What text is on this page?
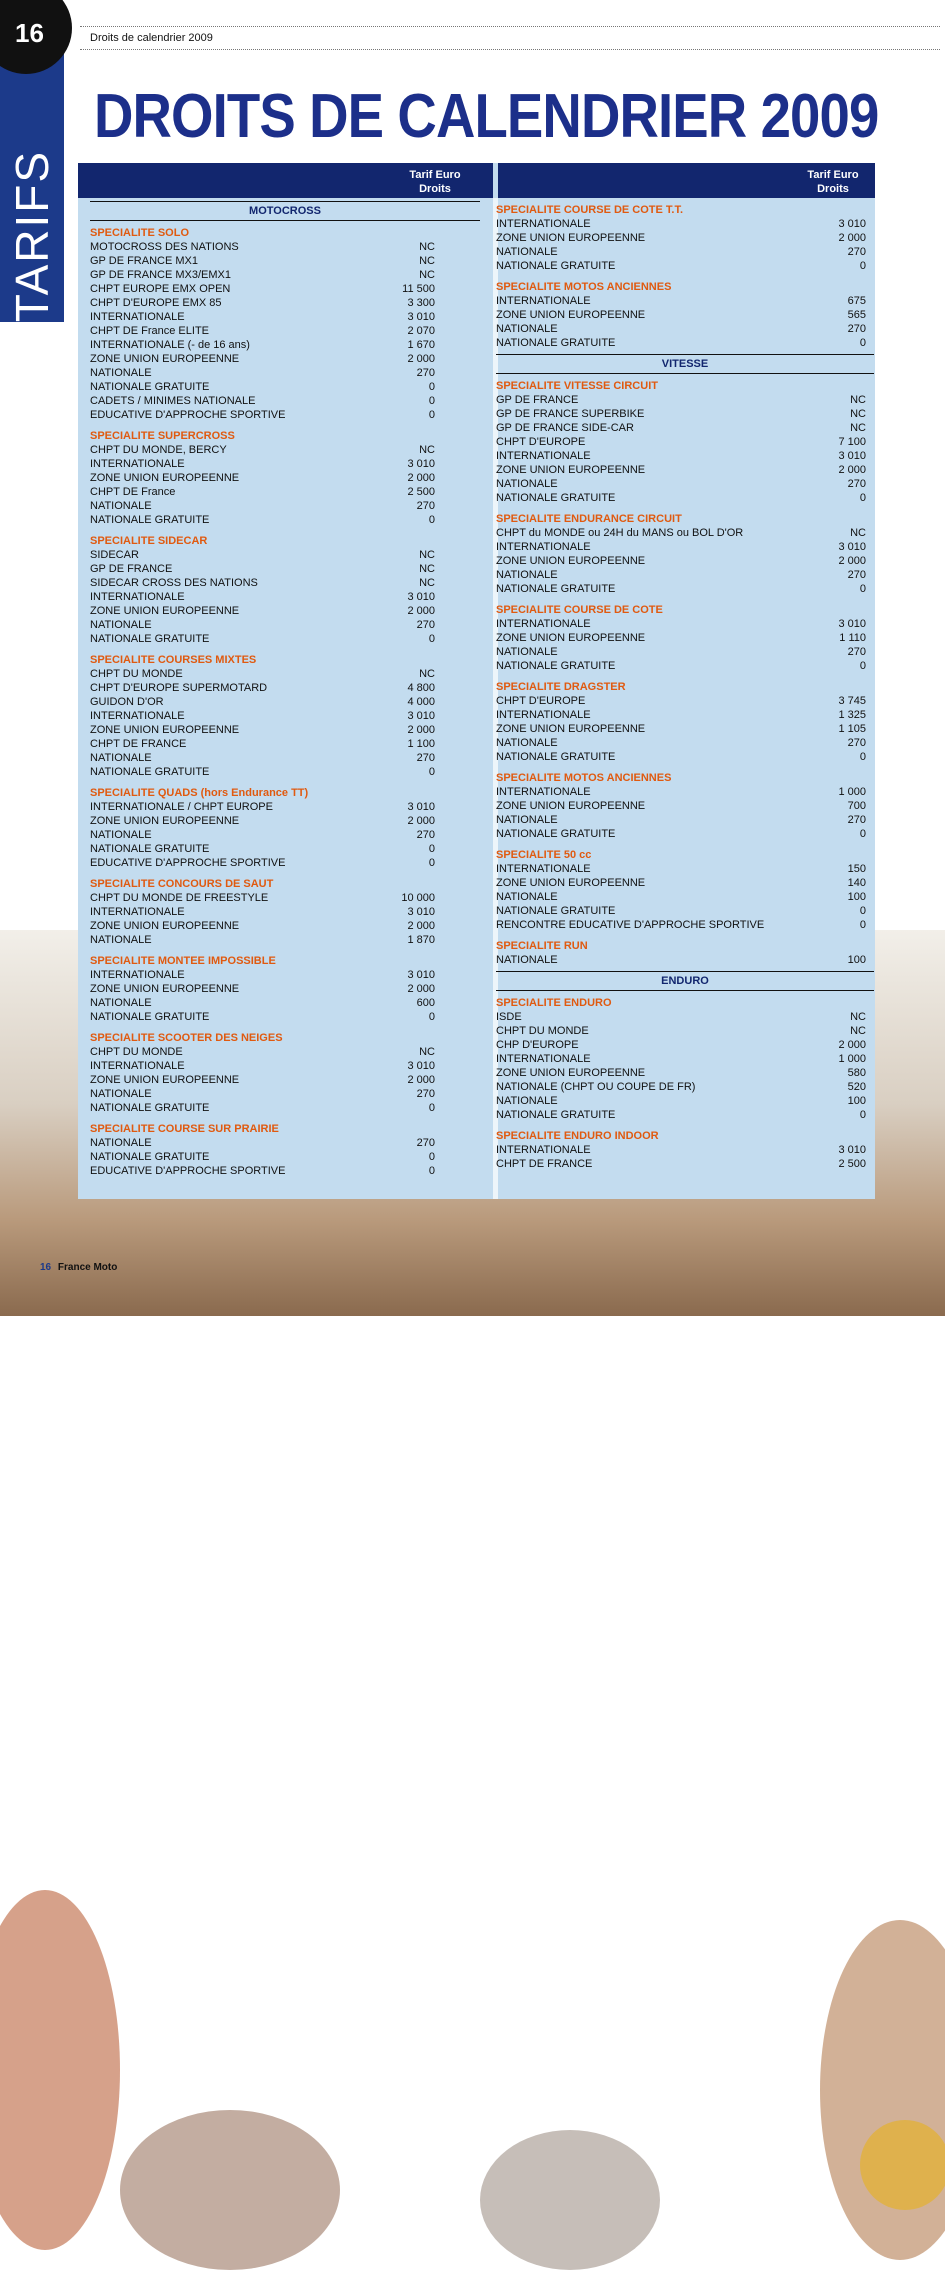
16
TARIFS
Droits de calendrier 2009
DROITS DE CALENDRIER 2009
Tarif Euro
Droits
Tarif Euro
Droits
MOTOCROSS
SPECIALITE SOLO
MOTOCROSS DES NATIONS	NC
GP DE FRANCE MX1	NC
GP DE FRANCE MX3/EMX1	NC
CHPT EUROPE EMX OPEN	11 500
CHPT D'EUROPE EMX 85	3 300
INTERNATIONALE	3 010
CHPT DE France ELITE	2 070
INTERNATIONALE (- de 16 ans)	1 670
ZONE UNION EUROPEENNE	2 000
NATIONALE	270
NATIONALE GRATUITE	0
CADETS / MINIMES NATIONALE	0
EDUCATIVE D'APPROCHE SPORTIVE	0
SPECIALITE SUPERCROSS
CHPT DU MONDE, BERCY	NC
INTERNATIONALE	3 010
ZONE UNION EUROPEENNE	2 000
CHPT DE France	2 500
NATIONALE	270
NATIONALE GRATUITE	0
SPECIALITE SIDECAR
SIDECAR	NC
GP DE FRANCE	NC
SIDECAR CROSS DES NATIONS	NC
INTERNATIONALE	3 010
ZONE UNION EUROPEENNE	2 000
NATIONALE	270
NATIONALE GRATUITE	0
SPECIALITE COURSES MIXTES
CHPT DU MONDE	NC
CHPT D'EUROPE SUPERMOTARD	4 800
GUIDON D'OR	4 000
INTERNATIONALE	3 010
ZONE UNION EUROPEENNE	2 000
CHPT DE FRANCE	1 100
NATIONALE	270
NATIONALE GRATUITE	0
SPECIALITE QUADS (hors Endurance TT)
INTERNATIONALE / CHPT EUROPE	3 010
ZONE UNION EUROPEENNE	2 000
NATIONALE	270
NATIONALE GRATUITE	0
EDUCATIVE D'APPROCHE SPORTIVE	0
SPECIALITE CONCOURS DE SAUT
CHPT DU MONDE DE FREESTYLE	10 000
INTERNATIONALE	3 010
ZONE UNION EUROPEENNE	2 000
NATIONALE	1 870
SPECIALITE MONTEE IMPOSSIBLE
INTERNATIONALE	3 010
ZONE UNION EUROPEENNE	2 000
NATIONALE	600
NATIONALE GRATUITE	0
SPECIALITE SCOOTER DES NEIGES
CHPT DU MONDE	NC
INTERNATIONALE	3 010
ZONE UNION EUROPEENNE	2 000
NATIONALE	270
NATIONALE GRATUITE	0
SPECIALITE COURSE SUR PRAIRIE
NATIONALE	270
NATIONALE GRATUITE	0
EDUCATIVE D'APPROCHE SPORTIVE	0
SPECIALITE COURSE DE COTE T.T.
INTERNATIONALE	3 010
ZONE UNION EUROPEENNE	2 000
NATIONALE	270
NATIONALE GRATUITE	0
SPECIALITE MOTOS ANCIENNES
INTERNATIONALE	675
ZONE UNION EUROPEENNE	565
NATIONALE	270
NATIONALE GRATUITE	0
VITESSE
SPECIALITE VITESSE CIRCUIT
GP DE FRANCE	NC
GP DE FRANCE SUPERBIKE	NC
GP DE FRANCE SIDE-CAR	NC
CHPT D'EUROPE	7 100
INTERNATIONALE	3 010
ZONE UNION EUROPEENNE	2 000
NATIONALE	270
NATIONALE GRATUITE	0
SPECIALITE ENDURANCE CIRCUIT
CHPT du MONDE ou 24H du MANS ou BOL D'OR	NC
INTERNATIONALE	3 010
ZONE UNION EUROPEENNE	2 000
NATIONALE	270
NATIONALE GRATUITE	0
SPECIALITE COURSE DE COTE
INTERNATIONALE	3 010
ZONE UNION EUROPEENNE	1 110
NATIONALE	270
NATIONALE GRATUITE	0
SPECIALITE DRAGSTER
CHPT D'EUROPE	3 745
INTERNATIONALE	1 325
ZONE UNION EUROPEENNE	1 105
NATIONALE	270
NATIONALE GRATUITE	0
SPECIALITE MOTOS ANCIENNES
INTERNATIONALE	1 000
ZONE UNION EUROPEENNE	700
NATIONALE	270
NATIONALE GRATUITE	0
SPECIALITE 50 cc
INTERNATIONALE	150
ZONE UNION EUROPEENNE	140
NATIONALE	100
NATIONALE GRATUITE	0
RENCONTRE EDUCATIVE D'APPROCHE SPORTIVE	0
SPECIALITE RUN
NATIONALE	100
ENDURO
SPECIALITE ENDURO
ISDE	NC
CHPT DU MONDE	NC
CHP D'EUROPE	2 000
INTERNATIONALE	1 000
ZONE UNION EUROPEENNE	580
NATIONALE (CHPT OU COUPE DE FR)	520
NATIONALE	100
NATIONALE GRATUITE	0
SPECIALITE ENDURO INDOOR
INTERNATIONALE	3 010
CHPT DE FRANCE	2 500
16 France Moto
